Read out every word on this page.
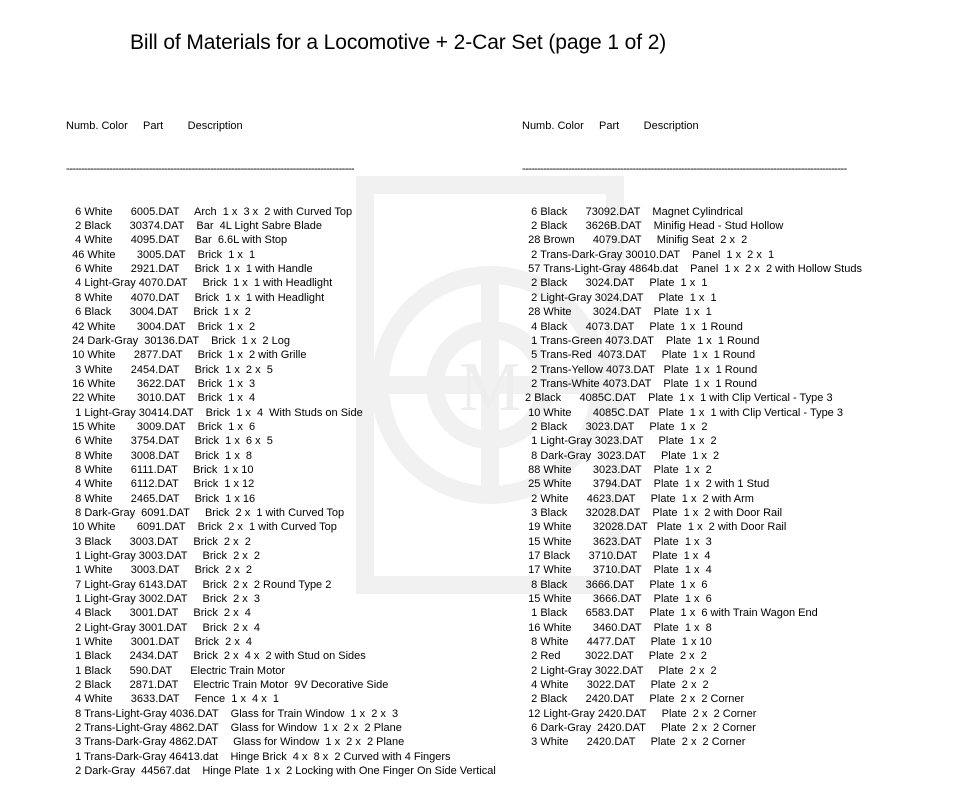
M
Bill of Materials for a Locomotive + 2-Car Set (page 1 of 2)

Numb. Color     Part        Description

----------------------------------------------------------------------------------------------

6 White      6005.DAT     Arch  1 x  3 x  2 with Curved Top
2 Black      30374.DAT    Bar  4L Light Sabre Blade
4 White      4095.DAT     Bar  6.6L with Stop
46 White       3005.DAT    Brick  1 x  1
6 White      2921.DAT     Brick  1 x  1 with Handle
4 Light-Gray 4070.DAT     Brick  1 x  1 with Headlight
8 White      4070.DAT     Brick  1 x  1 with Headlight
6 Black      3004.DAT     Brick  1 x  2
42 White       3004.DAT    Brick  1 x  2
24 Dark-Gray  30136.DAT    Brick  1 x  2 Log
10 White      2877.DAT     Brick  1 x  2 with Grille
3 White      2454.DAT     Brick  1 x  2 x  5
16 White       3622.DAT    Brick  1 x  3
22 White       3010.DAT    Brick  1 x  4
1 Light-Gray 30414.DAT    Brick  1 x  4  With Studs on Side
15 White       3009.DAT    Brick  1 x  6
6 White      3754.DAT     Brick  1 x  6 x  5
8 White      3008.DAT     Brick  1 x  8
8 White      6111.DAT     Brick  1 x 10
4 White      6112.DAT     Brick  1 x 12
8 White      2465.DAT     Brick  1 x 16
8 Dark-Gray  6091.DAT     Brick  2 x  1 with Curved Top
10 White       6091.DAT    Brick  2 x  1 with Curved Top
3 Black      3003.DAT     Brick  2 x  2
1 Light-Gray 3003.DAT     Brick  2 x  2
1 White      3003.DAT     Brick  2 x  2
7 Light-Gray 6143.DAT     Brick  2 x  2 Round Type 2
1 Light-Gray 3002.DAT     Brick  2 x  3
4 Black      3001.DAT     Brick  2 x  4
2 Light-Gray 3001.DAT     Brick  2 x  4
1 White      3001.DAT     Brick  2 x  4
1 Black      2434.DAT     Brick  2 x  4 x  2 with Stud on Sides
1 Black      590.DAT      Electric Train Motor
2 Black      2871.DAT     Electric Train Motor  9V Decorative Side
4 White      3633.DAT     Fence  1 x  4 x  1
8 Trans-Light-Gray 4036.DAT    Glass for Train Window  1 x  2 x  3
2 Trans-Light-Gray 4862.DAT    Glass for Window  1 x  2 x  2 Plane
3 Trans-Dark-Gray 4862.DAT     Glass for Window  1 x  2 x  2 Plane
1 Trans-Dark-Gray 46413.dat    Hinge Brick  4 x  8 x  2 Curved with 4 Fingers
2 Dark-Gray  44567.dat    Hinge Plate  1 x  2 Locking with One Finger On Side Vertical

Numb. Color     Part        Description

----------------------------------------------------------------------------------------------------------

6 Black      73092.DAT    Magnet Cylindrical
2 Black      3626B.DAT    Minifig Head - Stud Hollow
28 Brown      4079.DAT     Minifig Seat  2 x  2
2 Trans-Dark-Gray 30010.DAT    Panel  1 x  2 x  1
57 Trans-Light-Gray 4864b.dat    Panel  1 x  2 x  2 with Hollow Studs
2 Black      3024.DAT     Plate  1 x  1
2 Light-Gray 3024.DAT     Plate  1 x  1
28 White       3024.DAT    Plate  1 x  1
4 Black      4073.DAT     Plate  1 x  1 Round
1 Trans-Green 4073.DAT    Plate  1 x  1 Round
5 Trans-Red  4073.DAT     Plate  1 x  1 Round
2 Trans-Yellow 4073.DAT   Plate  1 x  1 Round
2 Trans-White 4073.DAT    Plate  1 x  1 Round
2 Black      4085C.DAT    Plate  1 x  1 with Clip Vertical - Type 3
10 White       4085C.DAT   Plate  1 x  1 with Clip Vertical - Type 3
2 Black      3023.DAT     Plate  1 x  2
1 Light-Gray 3023.DAT     Plate  1 x  2
8 Dark-Gray  3023.DAT     Plate  1 x  2
88 White       3023.DAT    Plate  1 x  2
25 White       3794.DAT    Plate  1 x  2 with 1 Stud
2 White      4623.DAT     Plate  1 x  2 with Arm
3 Black      32028.DAT    Plate  1 x  2 with Door Rail
19 White       32028.DAT   Plate  1 x  2 with Door Rail
15 White       3623.DAT    Plate  1 x  3
17 Black      3710.DAT     Plate  1 x  4
17 White       3710.DAT    Plate  1 x  4
8 Black      3666.DAT     Plate  1 x  6
15 White       3666.DAT    Plate  1 x  6
1 Black      6583.DAT     Plate  1 x  6 with Train Wagon End
16 White       3460.DAT    Plate  1 x  8
8 White      4477.DAT     Plate  1 x 10
2 Red        3022.DAT     Plate  2 x  2
2 Light-Gray 3022.DAT     Plate  2 x  2
4 White      3022.DAT     Plate  2 x  2
2 Black      2420.DAT     Plate  2 x  2 Corner
12 Light-Gray 2420.DAT     Plate  2 x  2 Corner
6 Dark-Gray  2420.DAT     Plate  2 x  2 Corner
3 White      2420.DAT     Plate  2 x  2 Corner
